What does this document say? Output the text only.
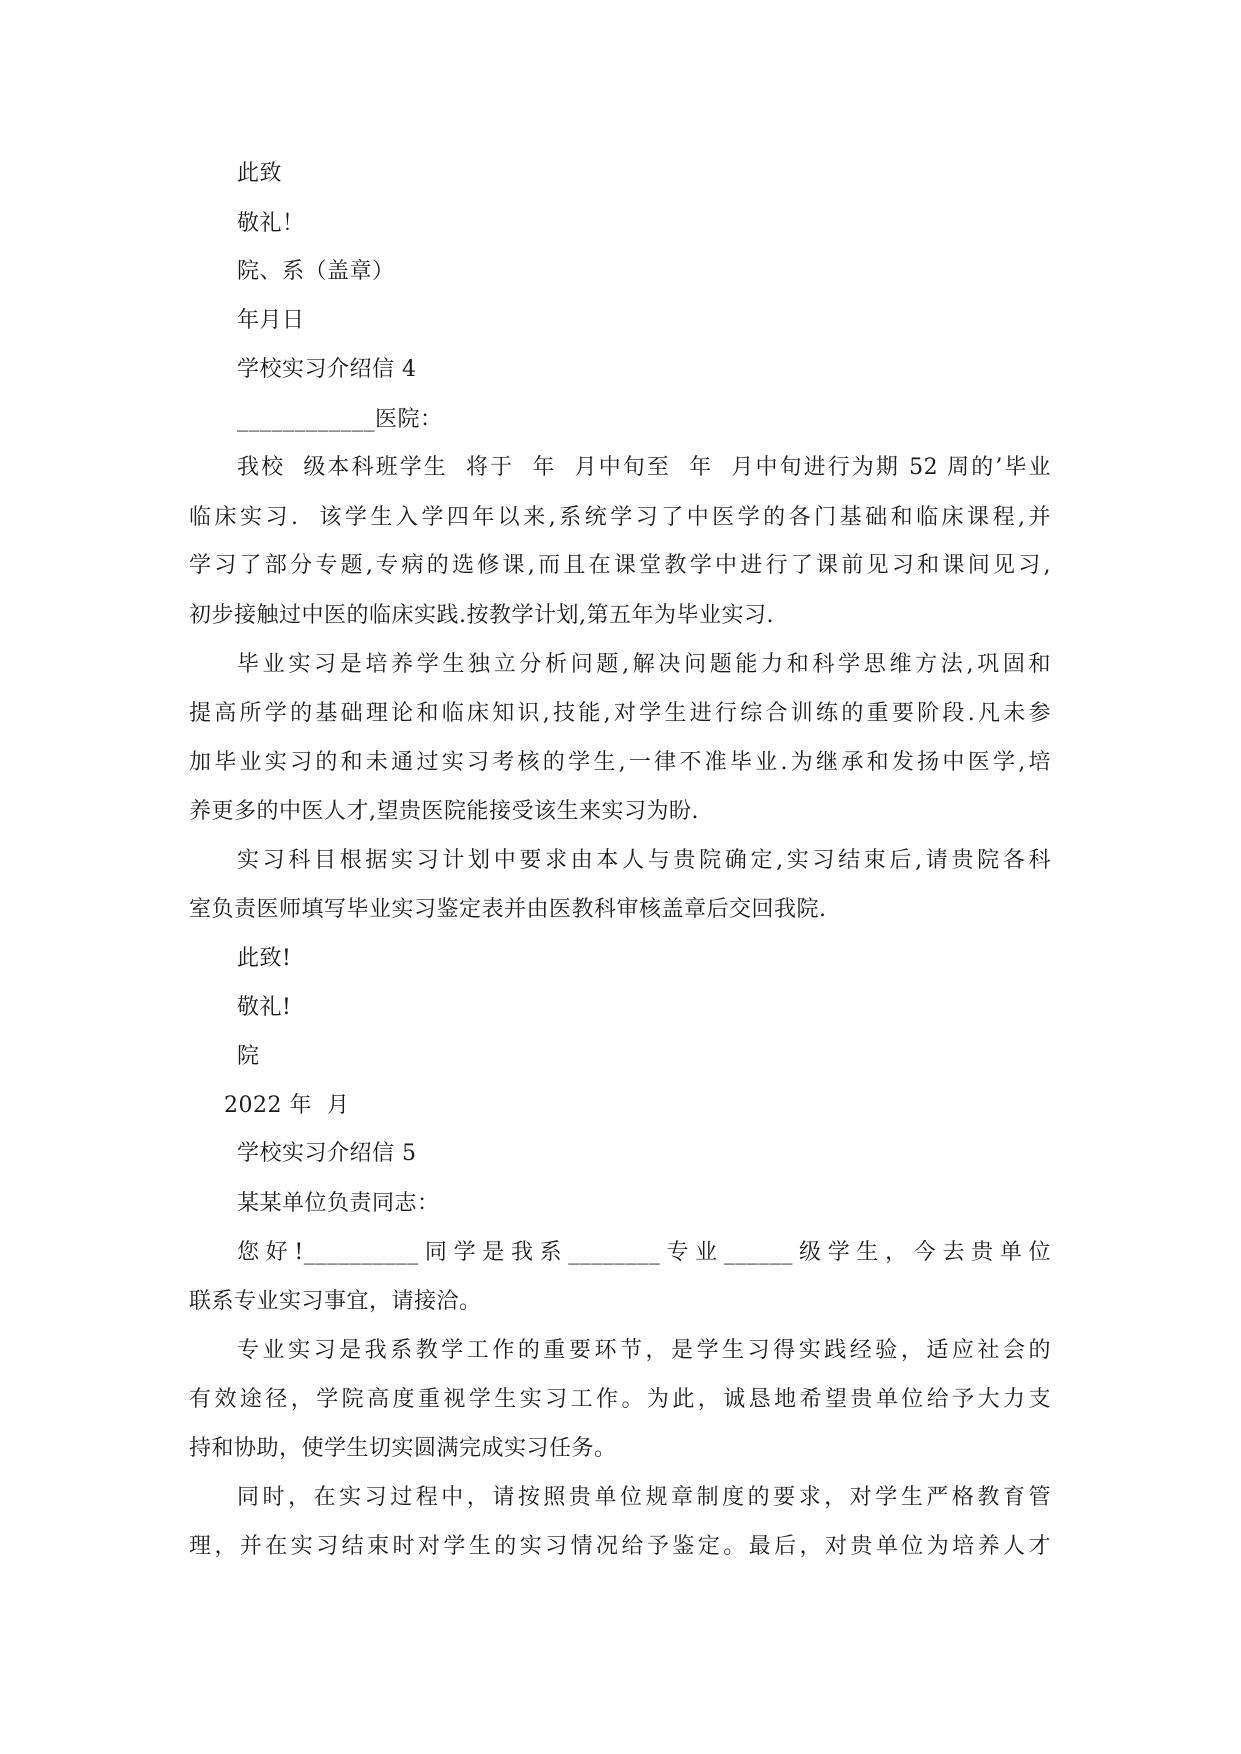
此致
敬礼！
院、系（盖章）
年月日
学校实习介绍信 4
____________医院：
我校  级本科班学生  将于  年  月中旬至  年  月中旬进行为期 52 周的’毕业
临床实习.  该学生入学四年以来,系统学习了中医学的各门基础和临床课程,并
学习了部分专题,专病的选修课,而且在课堂教学中进行了课前见习和课间见习,
初步接触过中医的临床实践.按教学计划,第五年为毕业实习.
毕业实习是培养学生独立分析问题,解决问题能力和科学思维方法,巩固和
提高所学的基础理论和临床知识,技能,对学生进行综合训练的重要阶段.凡未参
加毕业实习的和未通过实习考核的学生,一律不准毕业.为继承和发扬中医学,培
养更多的中医人才,望贵医院能接受该生来实习为盼.
实习科目根据实习计划中要求由本人与贵院确定,实习结束后,请贵院各科
室负责医师填写毕业实习鉴定表并由医教科审核盖章后交回我院.
此致!
敬礼!
院
2022 年  月
学校实习介绍信 5
某某单位负责同志：
您好!__________同学是我系________专业______级学生，今去贵单位
联系专业实习事宜，请接洽。
专业实习是我系教学工作的重要环节，是学生习得实践经验，适应社会的
有效途径，学院高度重视学生实习工作。为此，诚恳地希望贵单位给予大力支
持和协助，使学生切实圆满完成实习任务。
同时，在实习过程中，请按照贵单位规章制度的要求，对学生严格教育管
理，并在实习结束时对学生的实习情况给予鉴定。最后，对贵单位为培养人才
